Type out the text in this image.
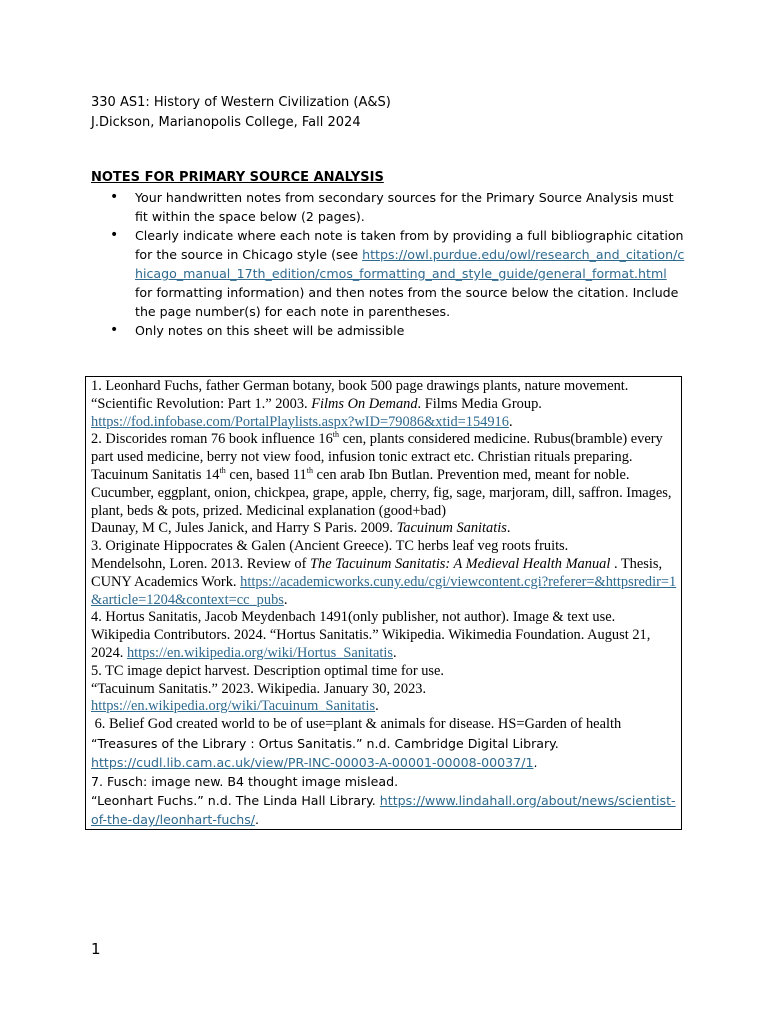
330 AS1: History of Western Civilization (A&S)
J.Dickson, Marianopolis College, Fall 2024
NOTES FOR PRIMARY SOURCE ANALYSIS
• Your handwritten notes from secondary sources for the Primary Source Analysis must fit within the space below (2 pages).
• Clearly indicate where each note is taken from by providing a full bibliographic citation for the source in Chicago style (see https://owl.purdue.edu/owl/research_and_citation/chicago_manual_17th_edition/cmos_formatting_and_style_guide/general_format.html for formatting information) and then notes from the source below the citation. Include the page number(s) for each note in parentheses.
• Only notes on this sheet will be admissible

1. Leonhard Fuchs, father German botany, book 500 page drawings plants, nature movement.

“Scientific Revolution: Part 1.” 2003. Films On Demand. Films Media Group.
https://fod.infobase.com/PortalPlaylists.aspx?wID=79086&xtid=154916.

2. Discorides roman 76 book influence 16th cen, plants considered medicine. Rubus(bramble) every part used medicine, berry not view food, infusion tonic extract etc. Christian rituals preparing. Tacuinum Sanitatis 14th cen, based 11th cen arab Ibn Butlan. Prevention med, meant for noble. Cucumber, eggplant, onion, chickpea, grape, apple, cherry, fig, sage, marjoram, dill, saffron. Images, plant, beds & pots, prized. Medicinal explanation (good+bad)

Daunay, M C, Jules Janick, and Harry S Paris. 2009. Tacuinum Sanitatis.

3. Originate Hippocrates & Galen (Ancient Greece). TC herbs leaf veg roots fruits.

Mendelsohn, Loren. 2013. Review of The Tacuinum Sanitatis: A Medieval Health Manual . Thesis, CUNY Academics Work. https://academicworks.cuny.edu/cgi/viewcontent.cgi?referer=&httpsredir=1&article=1204&context=cc_pubs.

4. Hortus Sanitatis, Jacob Meydenbach 1491(only publisher, not author). Image & text use.

Wikipedia Contributors. 2024. “Hortus Sanitatis.” Wikipedia. Wikimedia Foundation. August 21, 2024. https://en.wikipedia.org/wiki/Hortus_Sanitatis.

5. TC image depict harvest. Description optimal time for use.

“Tacuinum Sanitatis.” 2023. Wikipedia. January 30, 2023.
https://en.wikipedia.org/wiki/Tacuinum_Sanitatis.

6. Belief God created world to be of use=plant & animals for disease. HS=Garden of health

“Treasures of the Library : Ortus Sanitatis.” n.d. Cambridge Digital Library.
https://cudl.lib.cam.ac.uk/view/PR-INC-00003-A-00001-00008-00037/1.

7. Fusch: image new. B4 thought image mislead.

“Leonhart Fuchs.” n.d. The Linda Hall Library. https://www.lindahall.org/about/news/scientist-of-the-day/leonhart-fuchs/.

1
